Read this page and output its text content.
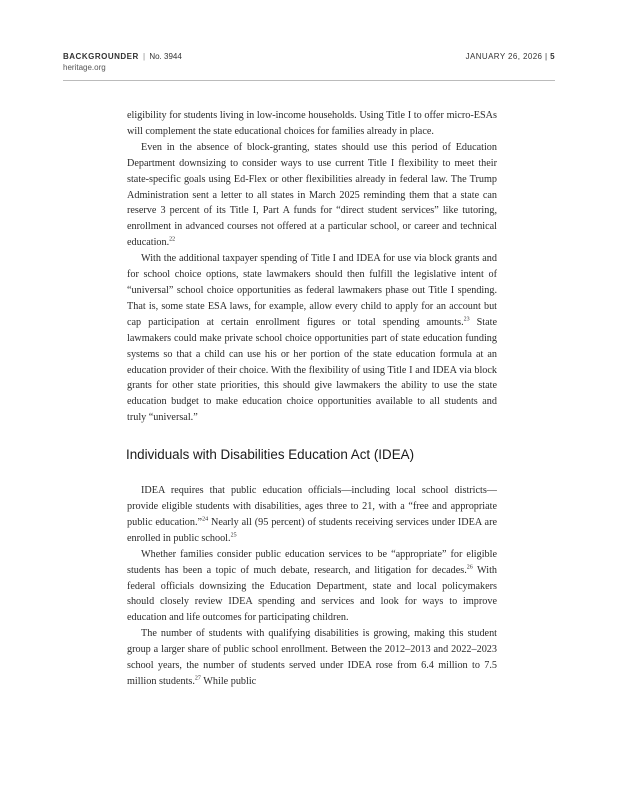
BACKGROUNDER | No. 3944
heritage.org
JANUARY 26, 2026 | 5

eligibility for students living in low-income households. Using Title I to offer micro-ESAs will complement the state educational choices for families already in place.

Even in the absence of block-granting, states should use this period of Education Department downsizing to consider ways to use current Title I flexibility to meet their state-specific goals using Ed-Flex or other flexibilities already in federal law. The Trump Administration sent a letter to all states in March 2025 reminding them that a state can reserve 3 percent of its Title I, Part A funds for “direct student services” like tutoring, enrollment in advanced courses not offered at a particular school, or career and technical education.$^{22}$

With the additional taxpayer spending of Title I and IDEA for use via block grants and for school choice options, state lawmakers should then fulfill the legislative intent of “universal” school choice opportunities as federal lawmakers phase out Title I spending. That is, some state ESA laws, for example, allow every child to apply for an account but cap participation at certain enrollment figures or total spending amounts.$^{23}$ State lawmakers could make private school choice opportunities part of state education funding systems so that a child can use his or her portion of the state education formula at an education provider of their choice. With the flexibility of using Title I and IDEA via block grants for other state priorities, this should give lawmakers the ability to use the state education budget to make education choice opportunities available to all students and truly “universal.”

Individuals with Disabilities Education Act (IDEA)

IDEA requires that public education officials—including local school districts—provide eligible students with disabilities, ages three to 21, with a “free and appropriate public education.”$^{24}$ Nearly all (95 percent) of students receiving services under IDEA are enrolled in public school.$^{25}$

Whether families consider public education services to be “appropriate” for eligible students has been a topic of much debate, research, and litigation for decades.$^{26}$ With federal officials downsizing the Education Department, state and local policymakers should closely review IDEA spending and services and look for ways to improve education and life outcomes for participating children.

The number of students with qualifying disabilities is growing, making this student group a larger share of public school enrollment. Between the 2012–2013 and 2022–2023 school years, the number of students served under IDEA rose from 6.4 million to 7.5 million students.$^{27}$ While public
